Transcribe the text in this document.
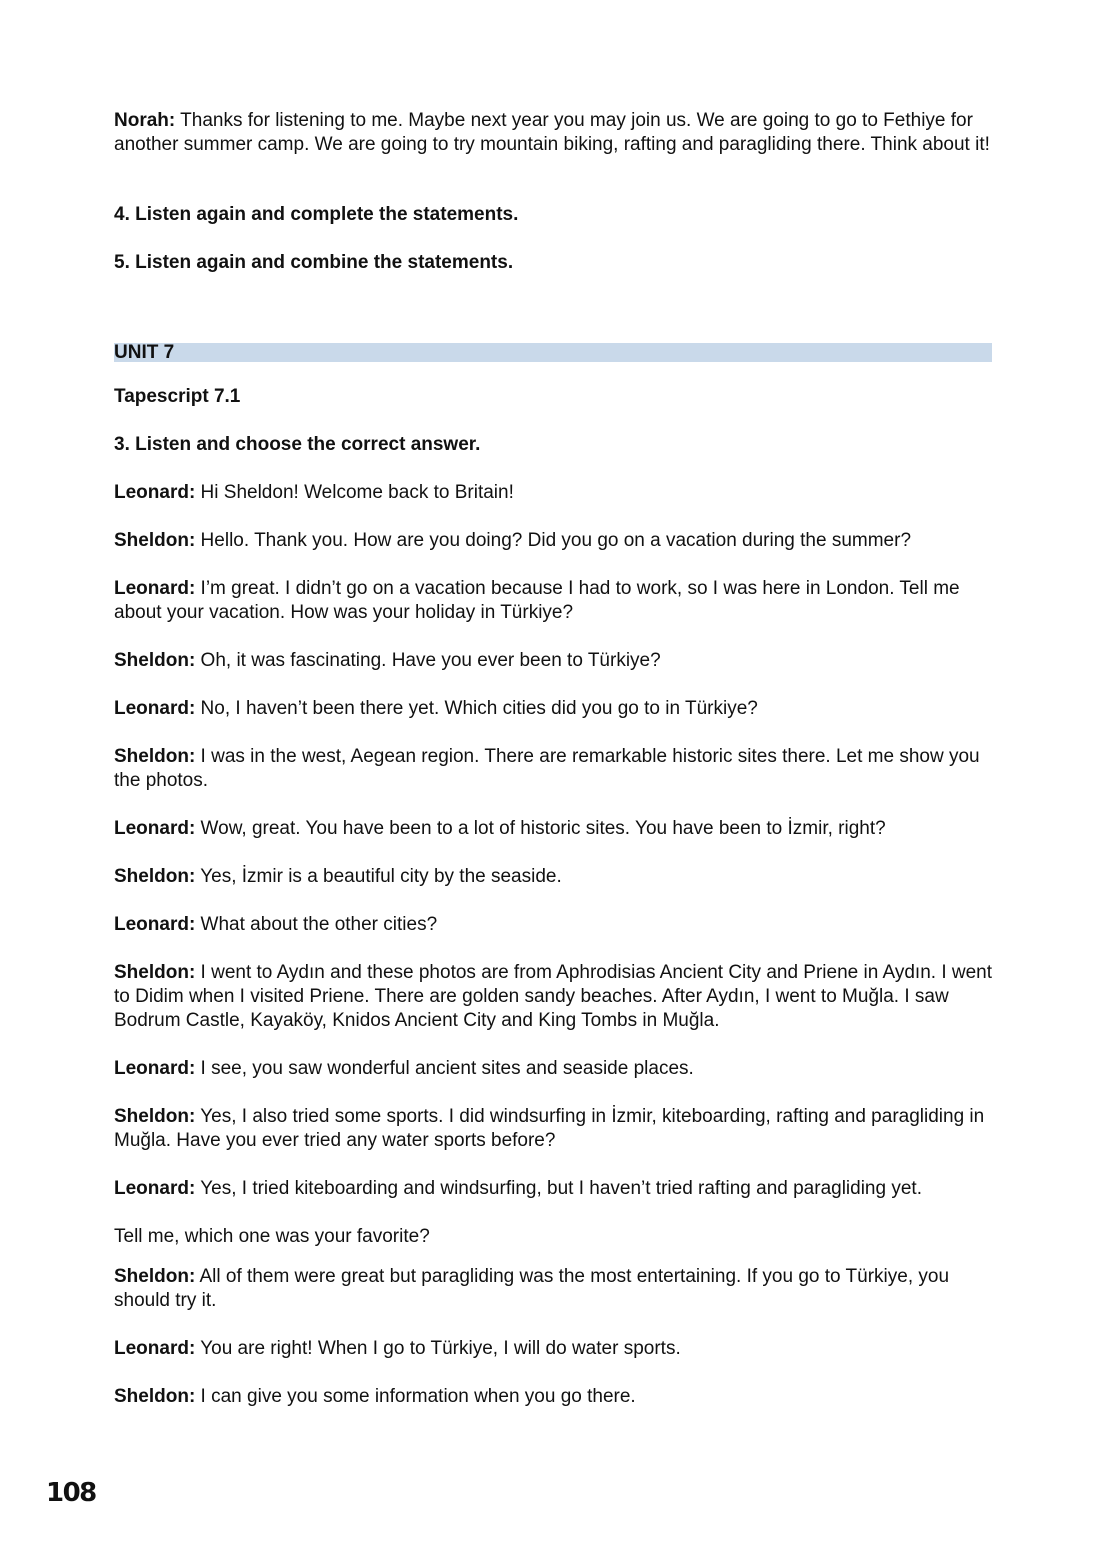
Norah: Thanks for listening to me. Maybe next year you may join us. We are going to go to Fethiye for another summer camp. We are going to try mountain biking, rafting and paragliding there. Think about it!

4. Listen again and complete the statements.

5. Listen again and combine the statements.

UNIT 7

Tapescript 7.1

3. Listen and choose the correct answer.

Leonard: Hi Sheldon! Welcome back to Britain!

Sheldon: Hello. Thank you. How are you doing? Did you go on a vacation during the summer?

Leonard: I’m great. I didn’t go on a vacation because I had to work, so I was here in London. Tell me about your vacation. How was your holiday in Türkiye?

Sheldon: Oh, it was fascinating. Have you ever been to Türkiye?

Leonard: No, I haven’t been there yet. Which cities did you go to in Türkiye?

Sheldon: I was in the west, Aegean region. There are remarkable historic sites there. Let me show you the photos.

Leonard: Wow, great. You have been to a lot of historic sites. You have been to İzmir, right?

Sheldon: Yes, İzmir is a beautiful city by the seaside.

Leonard: What about the other cities?

Sheldon: I went to Aydın and these photos are from Aphrodisias Ancient City and Priene in Aydın. I went to Didim when I visited Priene. There are golden sandy beaches. After Aydın, I went to Muğla. I saw Bodrum Castle, Kayaköy, Knidos Ancient City and King Tombs in Muğla.

Leonard: I see, you saw wonderful ancient sites and seaside places.

Sheldon: Yes, I also tried some sports. I did windsurfing in İzmir, kiteboarding, rafting and paragliding in Muğla. Have you ever tried any water sports before?

Leonard: Yes, I tried kiteboarding and windsurfing, but I haven’t tried rafting and paragliding yet.

Tell me, which one was your favorite?

Sheldon: All of them were great but paragliding was the most entertaining. If you go to Türkiye, you should try it.

Leonard: You are right! When I go to Türkiye, I will do water sports.

Sheldon: I can give you some information when you go there.

108
